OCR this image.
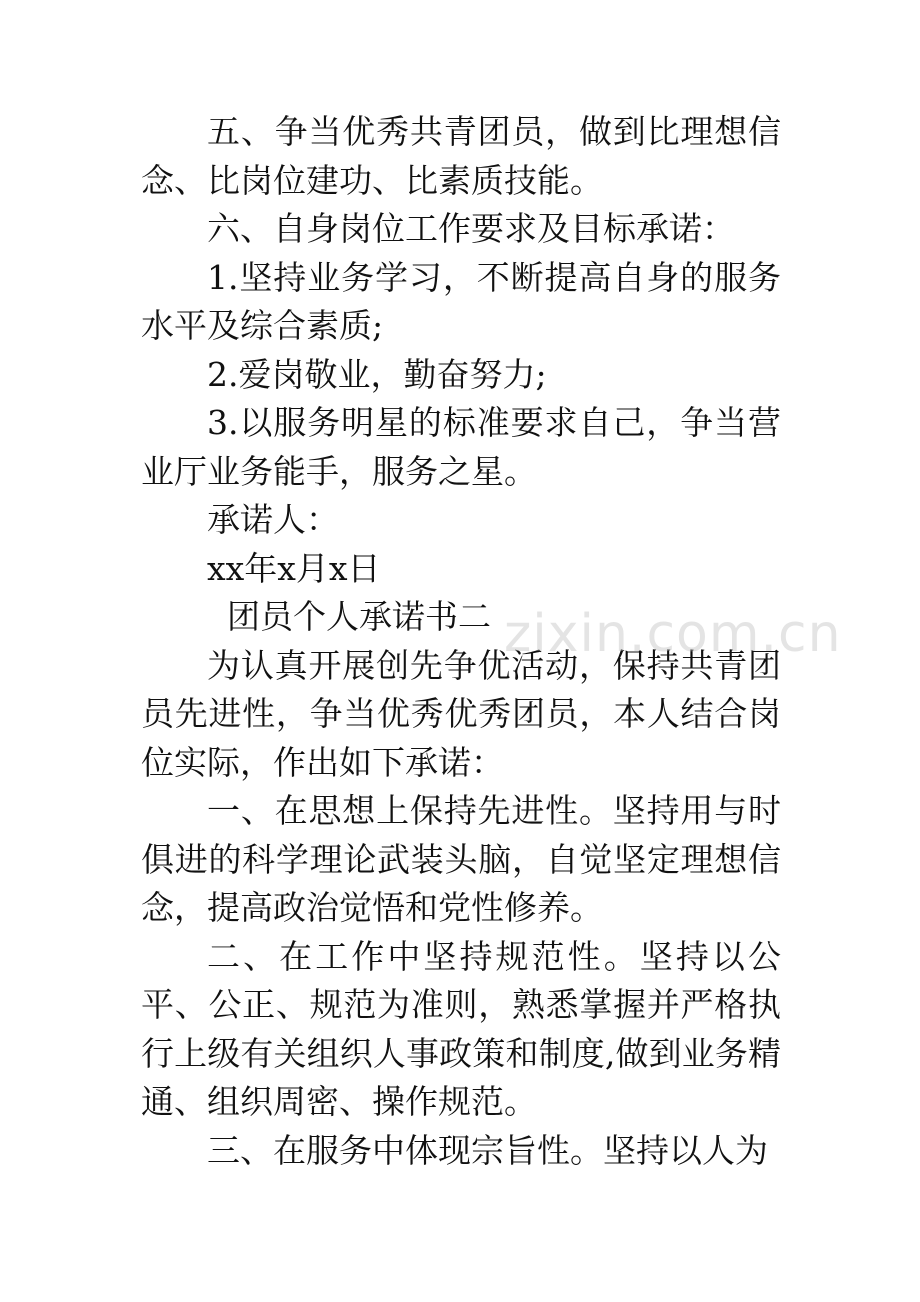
五、争当优秀共青团员，做到比理想信念、比岗位建功、比素质技能。

六、自身岗位工作要求及目标承诺：

1.坚持业务学习，不断提高自身的服务水平及综合素质;

2.爱岗敬业，勤奋努力;

3.以服务明星的标准要求自己，争当营业厅业务能手，服务之星。

承诺人：

xx年x月x日

团员个人承诺书二

为认真开展创先争优活动，保持共青团员先进性，争当优秀优秀团员，本人结合岗位实际，作出如下承诺：

一、在思想上保持先进性。坚持用与时俱进的科学理论武装头脑，自觉坚定理想信念，提高政治觉悟和党性修养。

二、在工作中坚持规范性。坚持以公平、公正、规范为准则，熟悉掌握并严格执行上级有关组织人事政策和制度,做到业务精通、组织周密、操作规范。

三、在服务中体现宗旨性。坚持以人为

zixin.com.cn
